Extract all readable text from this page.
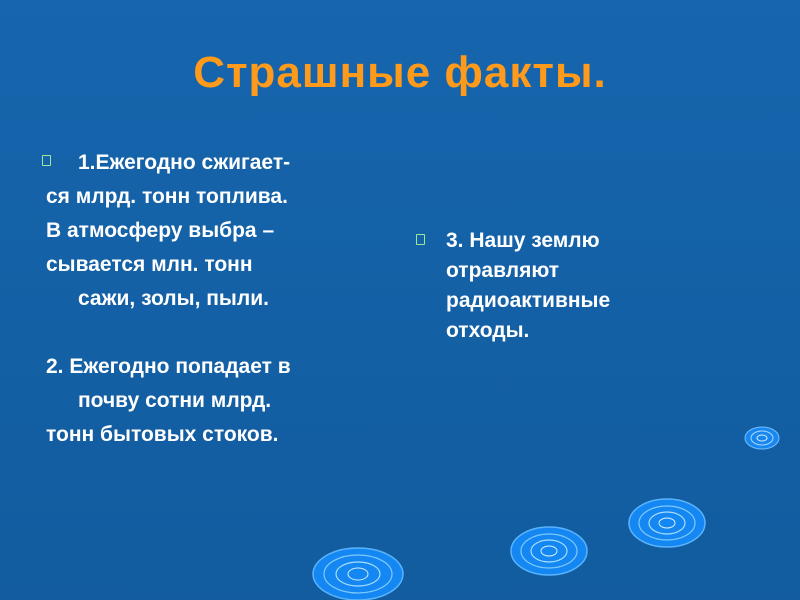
Страшные факты.
1.Ежегодно сжигает-
ся млрд. тонн топлива.
В атмосферу выбра –
сывается млн. тонн
сажи, золы, пыли.
2. Ежегодно попадает в
почву сотни млрд.
тонн бытовых стоков.
3. Нашу землю
отравляют
радиоактивные
отходы.
